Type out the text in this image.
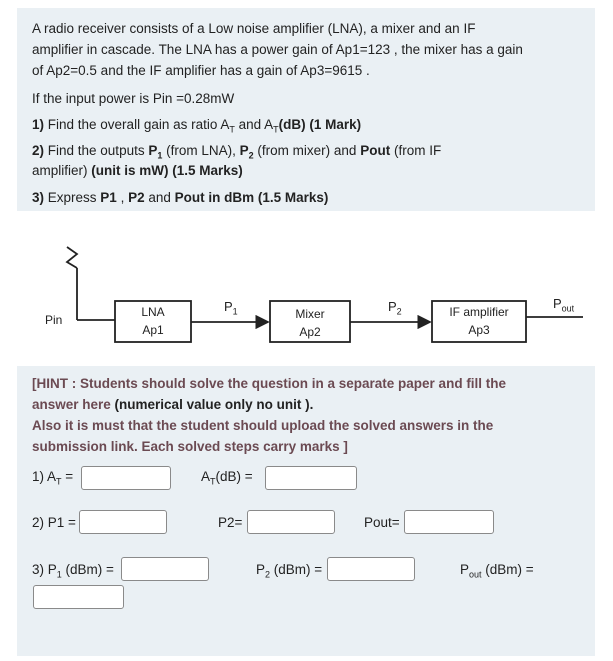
A radio receiver consists of a Low noise amplifier (LNA), a mixer and an IF
amplifier in cascade. The LNA has a power gain of Ap1=123 , the mixer has a gain
of Ap2=0.5 and the IF amplifier has a gain of Ap3=9615 .
If the input power is Pin =0.28mW
1) Find the overall gain as ratio $A_T$ and $A_T(dB)$ (1 Mark)
2) Find the outputs $P_1$ (from LNA), $P_2$ (from mixer) and Pout (from IF
amplifier) (unit is mW) (1.5 Marks)
3) Express P1 , P2 and Pout in dBm (1.5 Marks)
Pin
LNA
Ap1
$P_1$	Mixer
Ap2
$P_2$	IF amplifier
Ap3
$P_{out}$
[HINT : Students should solve the question in a separate paper and fill the
answer here (numerical value only no unit ).
Also it is must that the student should upload the solved answers in the
submission link. Each solved steps carry marks ]
1) $A_T$ =	$A_T(dB)$ =
2) P1 =	P2=	Pout=
3) $P_1$ (dBm) =	$P_2$ (dBm) =	$P_{out}$ (dBm) =
